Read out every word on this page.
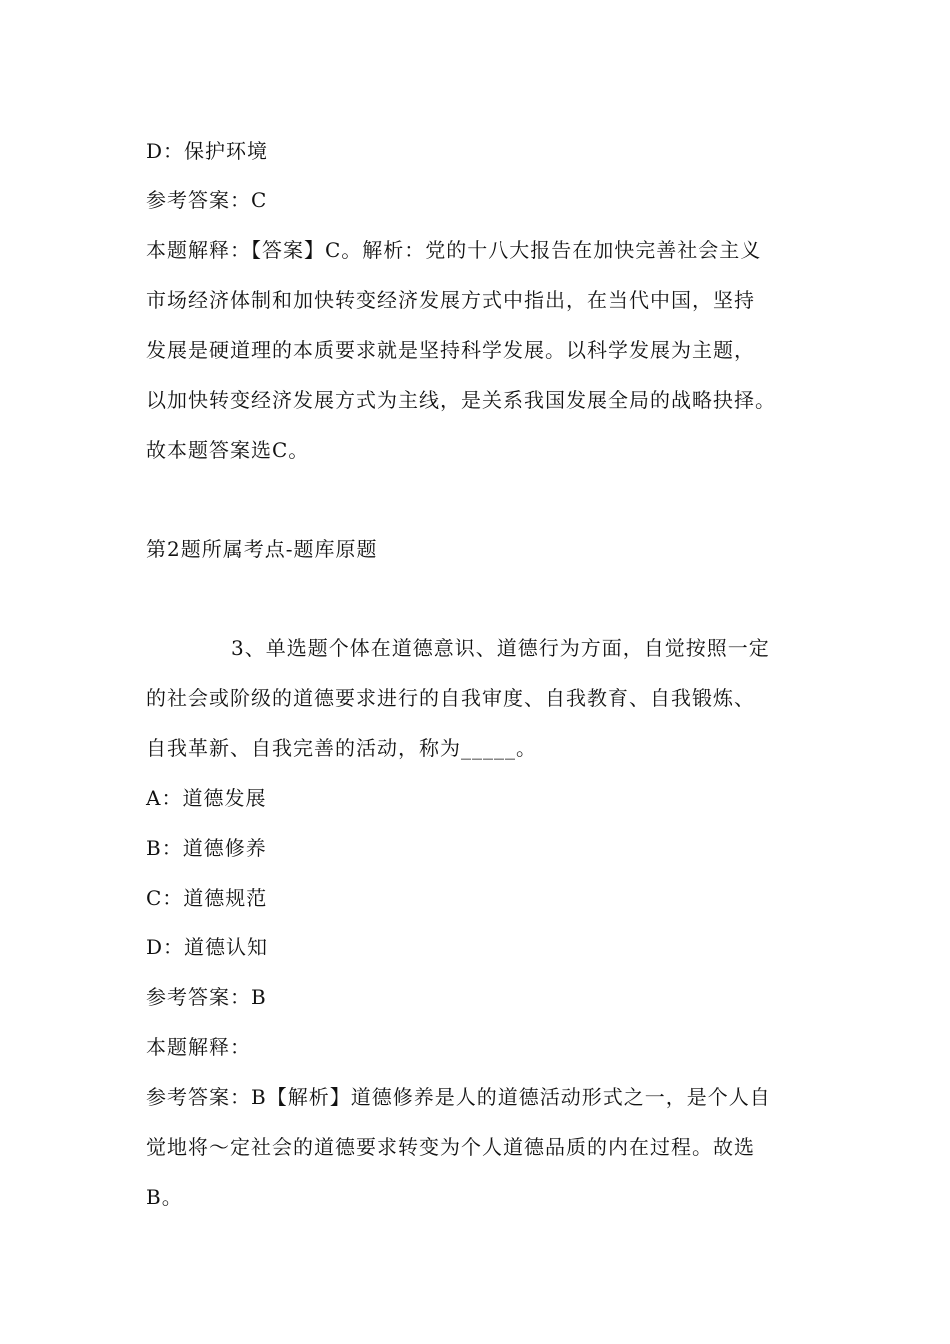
D：保护环境
参考答案：C
本题解释：【答案】C。解析：党的十八大报告在加快完善社会主义
市场经济体制和加快转变经济发展方式中指出，在当代中国，坚持
发展是硬道理的本质要求就是坚持科学发展。以科学发展为主题，
以加快转变经济发展方式为主线，是关系我国发展全局的战略抉择。
故本题答案选C。
第2题所属考点-题库原题
3、单选题个体在道德意识、道德行为方面，自觉按照一定
的社会或阶级的道德要求进行的自我审度、自我教育、自我锻炼、
自我革新、自我完善的活动，称为_____。
A：道德发展
B：道德修养
C：道德规范
D：道德认知
参考答案：B
本题解释：
参考答案：B【解析】道德修养是人的道德活动形式之一，是个人自
觉地将～定社会的道德要求转变为个人道德品质的内在过程。故选
B。
